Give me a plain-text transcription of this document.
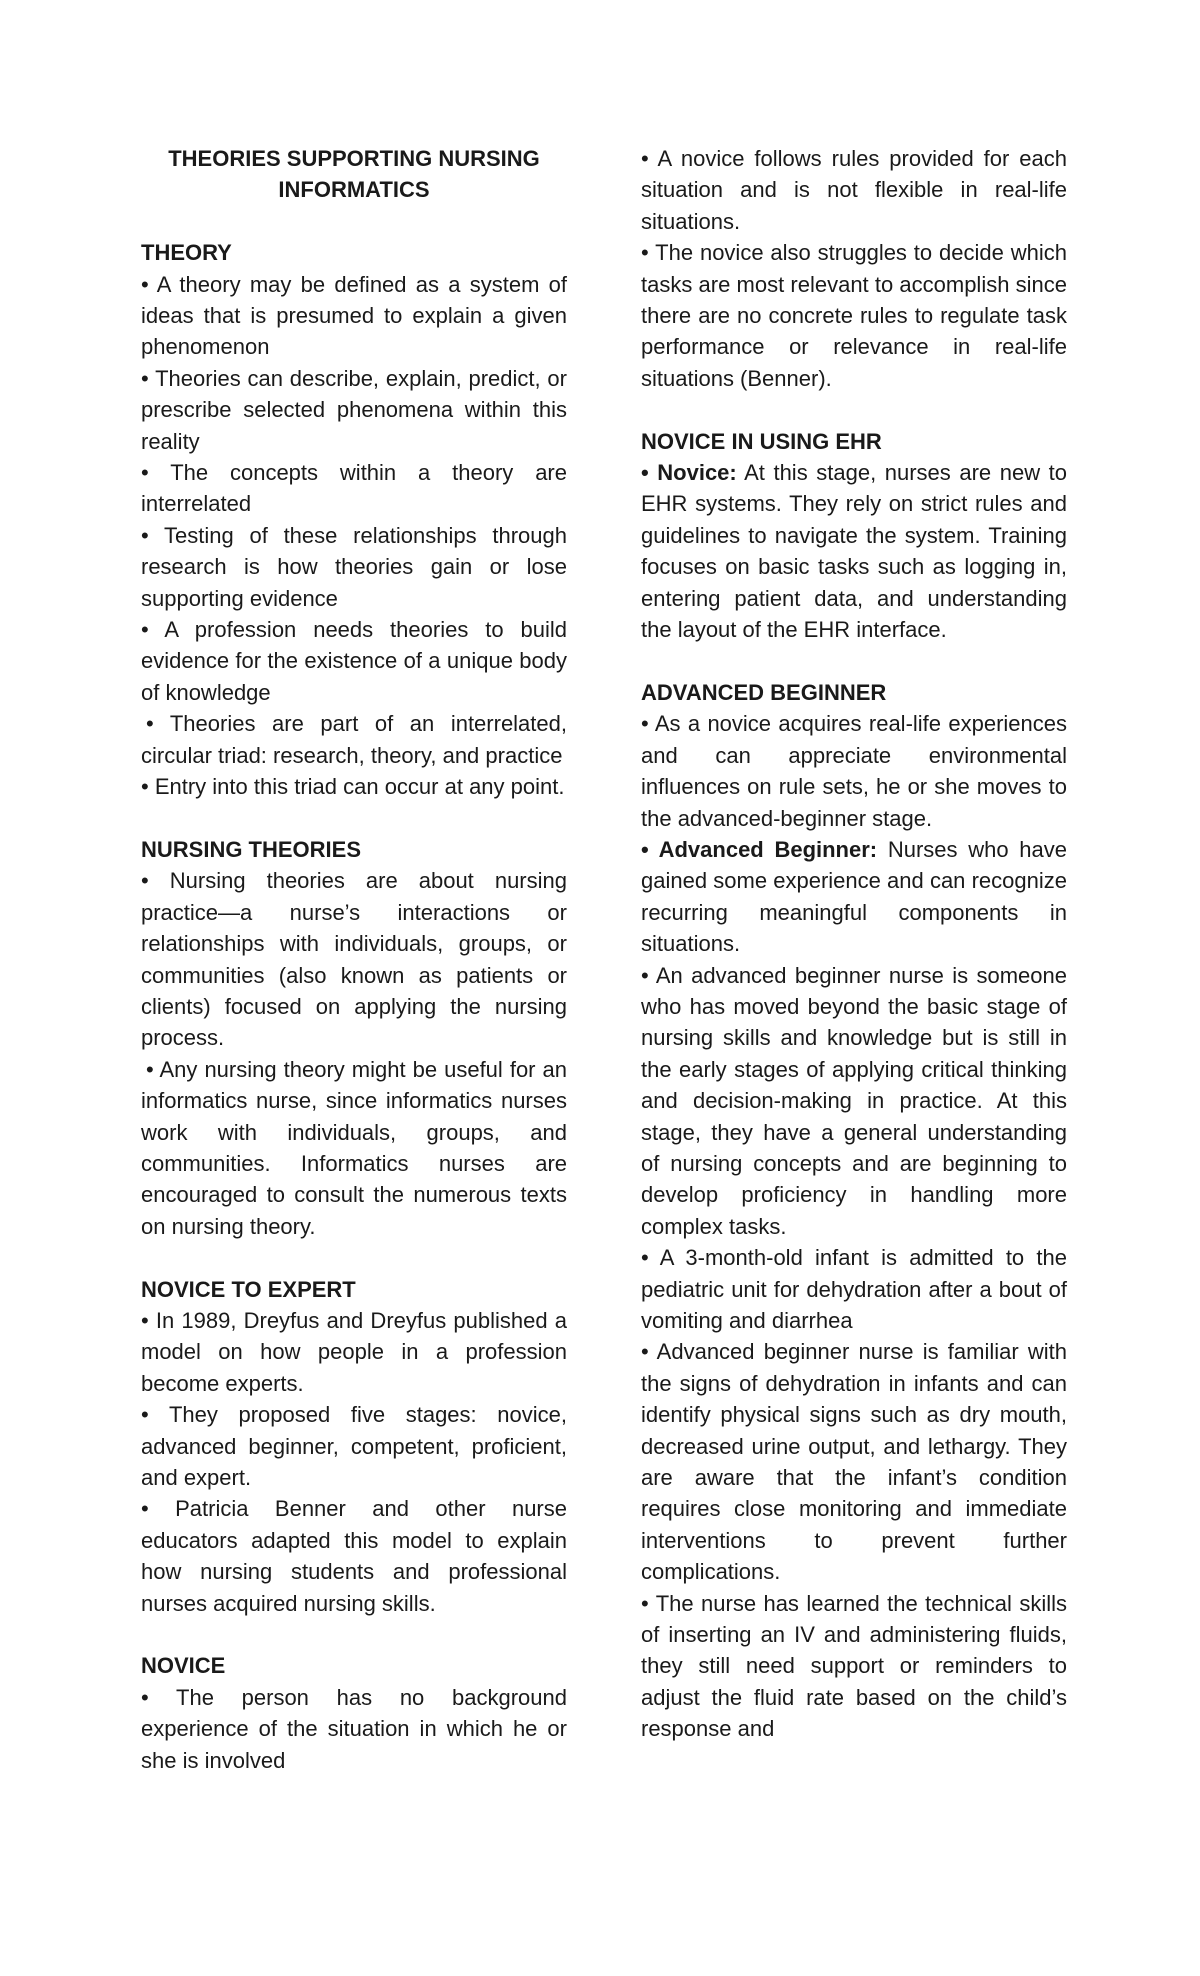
THEORIES SUPPORTING NURSING
INFORMATICS

THEORY

• A theory may be defined as a system of ideas that is presumed to explain a given phenomenon

• Theories can describe, explain, predict, or prescribe selected phenomena within this reality

• The concepts within a theory are interrelated

• Testing of these relationships through research is how theories gain or lose supporting evidence

• A profession needs theories to build evidence for the existence of a unique body of knowledge

• Theories are part of an interrelated, circular triad: research, theory, and practice

• Entry into this triad can occur at any point.

NURSING THEORIES

• Nursing theories are about nursing practice—a nurse’s interactions or relationships with individuals, groups, or communities (also known as patients or clients) focused on applying the nursing process.

• Any nursing theory might be useful for an informatics nurse, since informatics nurses work with individuals, groups, and communities. Informatics nurses are encouraged to consult the numerous texts on nursing theory.

NOVICE TO EXPERT

• In 1989, Dreyfus and Dreyfus published a model on how people in a profession become experts.

• They proposed five stages: novice, advanced beginner, competent, proficient, and expert.

• Patricia Benner and other nurse educators adapted this model to explain how nursing students and professional nurses acquired nursing skills.

NOVICE

• The person has no background experience of the situation in which he or she is involved

• A novice follows rules provided for each situation and is not flexible in real-life situations.

• The novice also struggles to decide which tasks are most relevant to accomplish since there are no concrete rules to regulate task performance or relevance in real-life situations (Benner).

NOVICE IN USING EHR

• Novice: At this stage, nurses are new to EHR systems. They rely on strict rules and guidelines to navigate the system. Training focuses on basic tasks such as logging in, entering patient data, and understanding the layout of the EHR interface.

ADVANCED BEGINNER

• As a novice acquires real-life experiences and can appreciate environmental influences on rule sets, he or she moves to the advanced-beginner stage.

• Advanced Beginner: Nurses who have gained some experience and can recognize recurring meaningful components in situations.

• An advanced beginner nurse is someone who has moved beyond the basic stage of nursing skills and knowledge but is still in the early stages of applying critical thinking and decision-making in practice. At this stage, they have a general understanding of nursing concepts and are beginning to develop proficiency in handling more complex tasks.

• A 3-month-old infant is admitted to the pediatric unit for dehydration after a bout of vomiting and diarrhea

• Advanced beginner nurse is familiar with the signs of dehydration in infants and can identify physical signs such as dry mouth, decreased urine output, and lethargy. They are aware that the infant’s condition requires close monitoring and immediate interventions to prevent further complications.

• The nurse has learned the technical skills of inserting an IV and administering fluids, they still need support or reminders to adjust the fluid rate based on the child’s response and
